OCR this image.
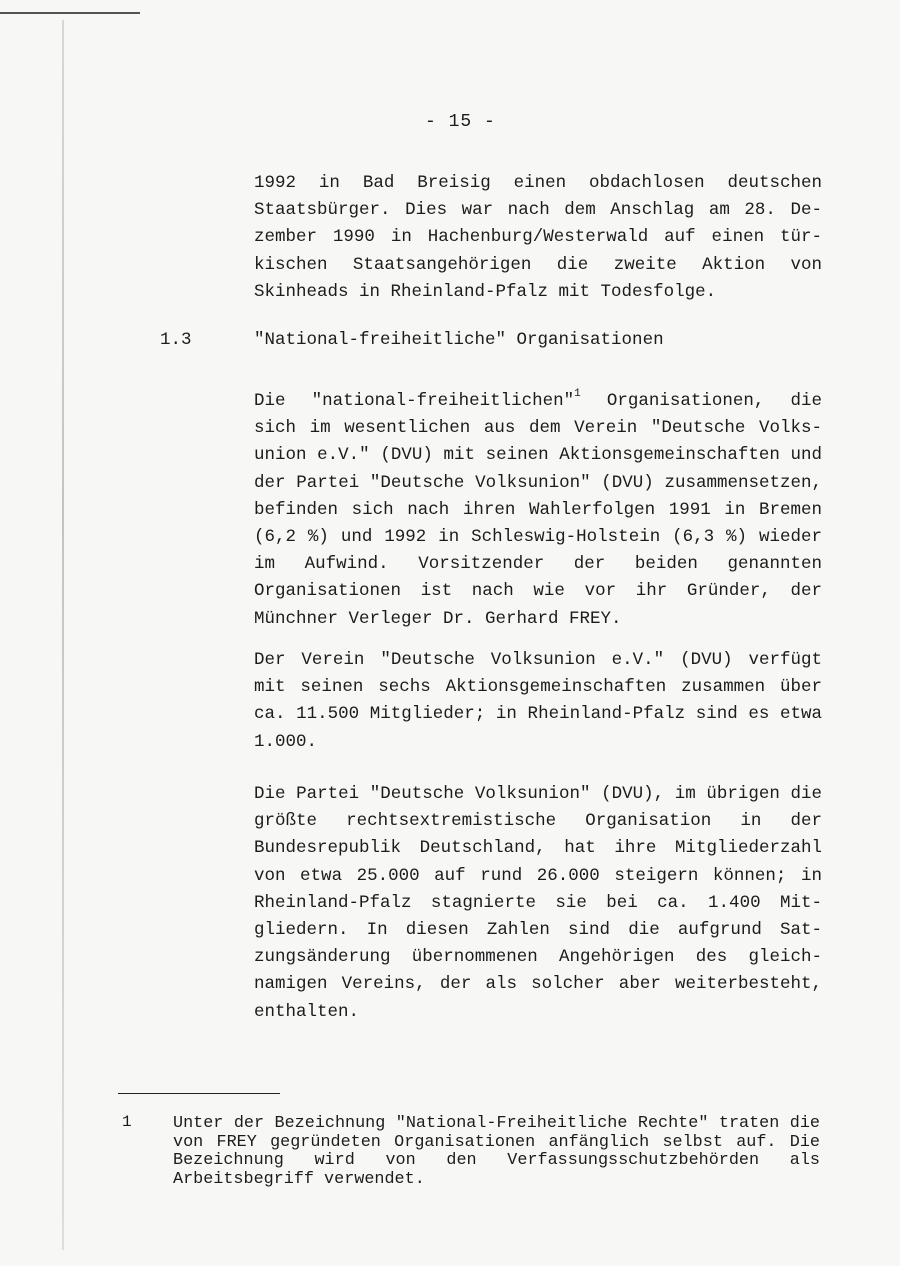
- 15 -
1992 in Bad Breisig einen obdachlosen deutschen Staatsbürger. Dies war nach dem Anschlag am 28. Dezember 1990 in Hachenburg/Westerwald auf einen türkischen Staatsangehörigen die zweite Aktion von Skinheads in Rheinland-Pfalz mit Todesfolge.
1.3	"National-freiheitliche" Organisationen
Die "national-freiheitlichen"$^1$ Organisationen, die sich im wesentlichen aus dem Verein "Deutsche Volksunion e.V." (DVU) mit seinen Aktionsgemeinschaften und der Partei "Deutsche Volksunion" (DVU) zusammensetzen, befinden sich nach ihren Wahlerfolgen 1991 in Bremen (6,2 %) und 1992 in Schleswig-Holstein (6,3 %) wieder im Aufwind. Vorsitzender der beiden genannten Organisationen ist nach wie vor ihr Gründer, der Münchner Verleger Dr. Gerhard FREY.
Der Verein "Deutsche Volksunion e.V." (DVU) verfügt mit seinen sechs Aktionsgemeinschaften zusammen über ca. 11.500 Mitglieder; in Rheinland-Pfalz sind es etwa 1.000.
Die Partei "Deutsche Volksunion" (DVU), im übrigen die größte rechtsextremistische Organisation in der Bundesrepublik Deutschland, hat ihre Mitgliederzahl von etwa 25.000 auf rund 26.000 steigern können; in Rheinland-Pfalz stagnierte sie bei ca. 1.400 Mitgliedern. In diesen Zahlen sind die aufgrund Satzungsänderung übernommenen Angehörigen des gleichnamigen Vereins, der als solcher aber weiterbesteht, enthalten.
1 Unter der Bezeichnung "National-Freiheitliche Rechte" traten die von FREY gegründeten Organisationen anfänglich selbst auf. Die Bezeichnung wird von den Verfassungsschutzbehörden als Arbeitsbegriff verwendet.
